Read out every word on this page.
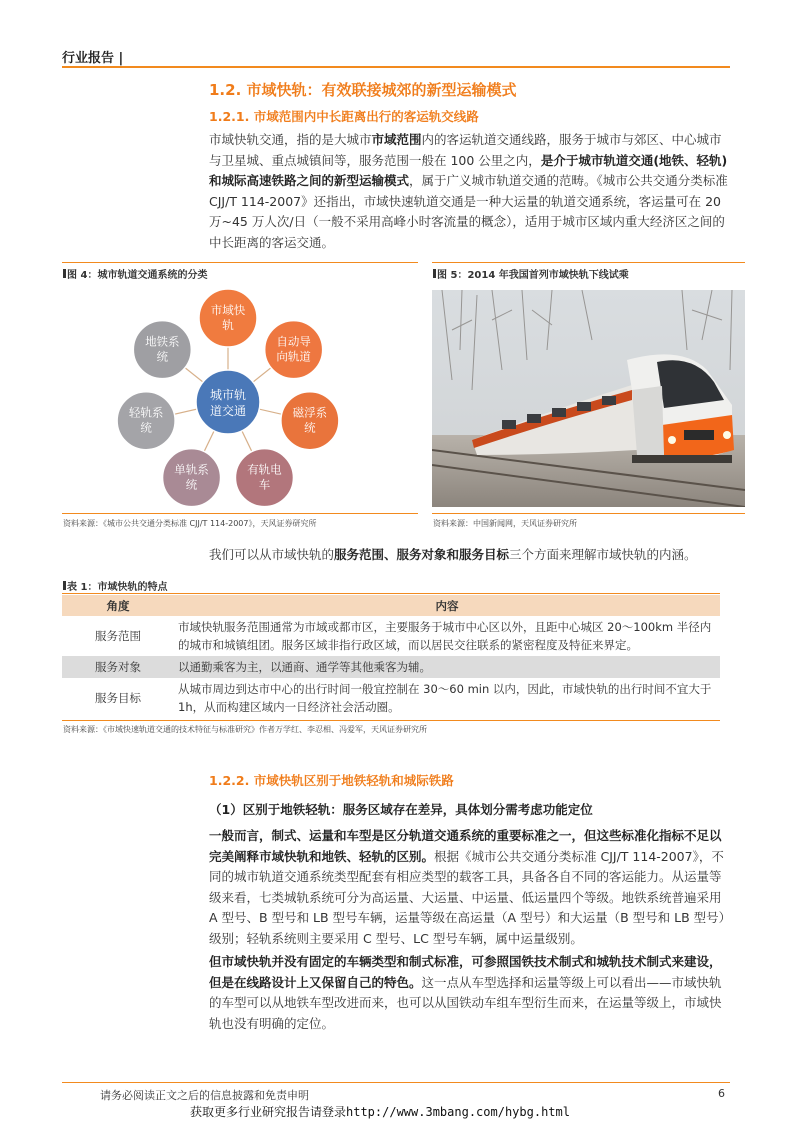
行业报告 |
1.2. 市域快轨：有效联接城郊的新型运输模式
1.2.1. 市域范围内中长距离出行的客运轨交线路
市域快轨交通，指的是大城市市域范围内的客运轨道交通线路，服务于城市与郊区、中心城市与卫星城、重点城镇间等，服务范围一般在 100 公里之内，是介于城市轨道交通(地铁、轻轨)和城际高速铁路之间的新型运输模式，属于广义城市轨道交通的范畴。《城市公共交通分类标准 CJJ/T 114-2007》还指出，市域快速轨道交通是一种大运量的轨道交通系统，客运量可在 20 万~45 万人次/日（一般不采用高峰小时客流量的概念），适用于城市区域内重大经济区之间的中长距离的客运交通。
图 4：城市轨道交通系统的分类
市域快
轨
自动导
向轨道
磁浮系
统
有轨电
车
单轨系
统
轻轨系
统
地铁系
统
城市轨
道交通
资料来源：《城市公共交通分类标准 CJJ/T 114-2007》，天风证券研究所
图 5：2014 年我国首列市域快轨下线试乘
资料来源：中国新闻网，天风证券研究所
我们可以从市域快轨的服务范围、服务对象和服务目标三个方面来理解市域快轨的内涵。
表 1：市域快轨的特点
角度	内容
服务范围	市域快轨服务范围通常为市域或都市区，主要服务于城市中心区以外，且距中心城区 20～100km 半径内的城市和城镇组团。服务区域非指行政区域，而以居民交往联系的紧密程度及特征来界定。
服务对象	以通勤乘客为主，以通商、通学等其他乘客为辅。
服务目标	从城市周边到达市中心的出行时间一般宜控制在 30～60 min 以内，因此，市域快轨的出行时间不宜大于 1h，从而构建区域内一日经济社会活动圈。
资料来源：《市域快速轨道交通的技术特征与标准研究》作者万学红、李忍相、冯爱军，天风证券研究所
1.2.2. 市域快轨区别于地铁轻轨和城际铁路
（1）区别于地铁轻轨：服务区域存在差异，具体划分需考虑功能定位
一般而言，制式、运量和车型是区分轨道交通系统的重要标准之一，但这些标准化指标不足以完美阐释市域快轨和地铁、轻轨的区别。根据《城市公共交通分类标准 CJJ/T 114-2007》，不同的城市轨道交通系统类型配套有相应类型的载客工具，具备各自不同的客运能力。从运量等级来看，七类城轨系统可分为高运量、大运量、中运量、低运量四个等级。地铁系统普遍采用 A 型号、B 型号和 LB 型号车辆，运量等级在高运量（A 型号）和大运量（B 型号和 LB 型号）级别；轻轨系统则主要采用 C 型号、LC 型号车辆，属中运量级别。
但市域快轨并没有固定的车辆类型和制式标准，可参照国铁技术制式和城轨技术制式来建设，但是在线路设计上又保留自己的特色。这一点从车型选择和运量等级上可以看出——市域快轨的车型可以从地铁车型改进而来，也可以从国铁动车组车型衍生而来，在运量等级上，市域快轨也没有明确的定位。
请务必阅读正文之后的信息披露和免责申明	6
获取更多行业研究报告请登录http://www.3mbang.com/hybg.html
